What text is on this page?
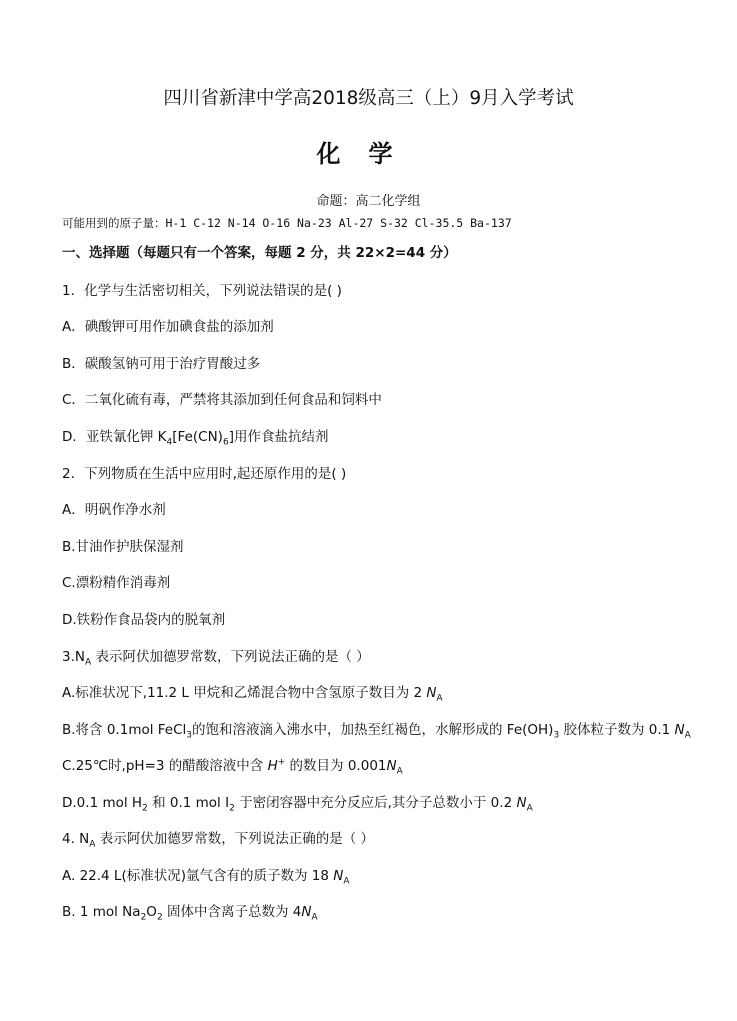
四川省新津中学高2018级高三（上）9月入学考试
化学
命题：高二化学组
可能用到的原子量：H-1 C-12 N-14 O-16 Na-23 Al-27 S-32 Cl-35.5 Ba-137
一、选择题（每题只有一个答案，每题 2 分，共 22×2=44 分）
1．化学与生活密切相关，下列说法错误的是( )
A．碘酸钾可用作加碘食盐的添加剂
B．碳酸氢钠可用于治疗胃酸过多
C．二氧化硫有毒，严禁将其添加到任何食品和饲料中
D．亚铁氰化钾 $K_4[Fe(CN)_6]$用作食盐抗结剂
2．下列物质在生活中应用时,起还原作用的是( )
A．明矾作净水剂
B.甘油作护肤保湿剂
C.漂粉精作消毒剂
D.铁粉作食品袋内的脱氧剂
$3.N_A$ 表示阿伏加德罗常数，下列说法正确的是（ ）
A.标准状况下,11.2 L 甲烷和乙烯混合物中含氢原子数目为 2 $N_A$
B.将含 0.1mol FeCl$_3$的饱和溶液滴入沸水中，加热至红褐色，水解形成的 $Fe(OH)_3$ 胶体粒子数为 0.1 $N_A$
C.25℃时,pH=3 的醋酸溶液中含 H+ 的数目为 $0.001N_A$
D.0.1 mol $H_2$ 和 0.1 mol $I_2$ 于密闭容器中充分反应后,其分子总数小于 0.2 $N_A$
4. $N_A$ 表示阿伏加德罗常数，下列说法正确的是（ ）
A. 22.4 L(标准状况)氩气含有的质子数为 18 $N_A$
B. 1 mol $Na_2O_2$ 固体中含离子总数为 $4N_A$
